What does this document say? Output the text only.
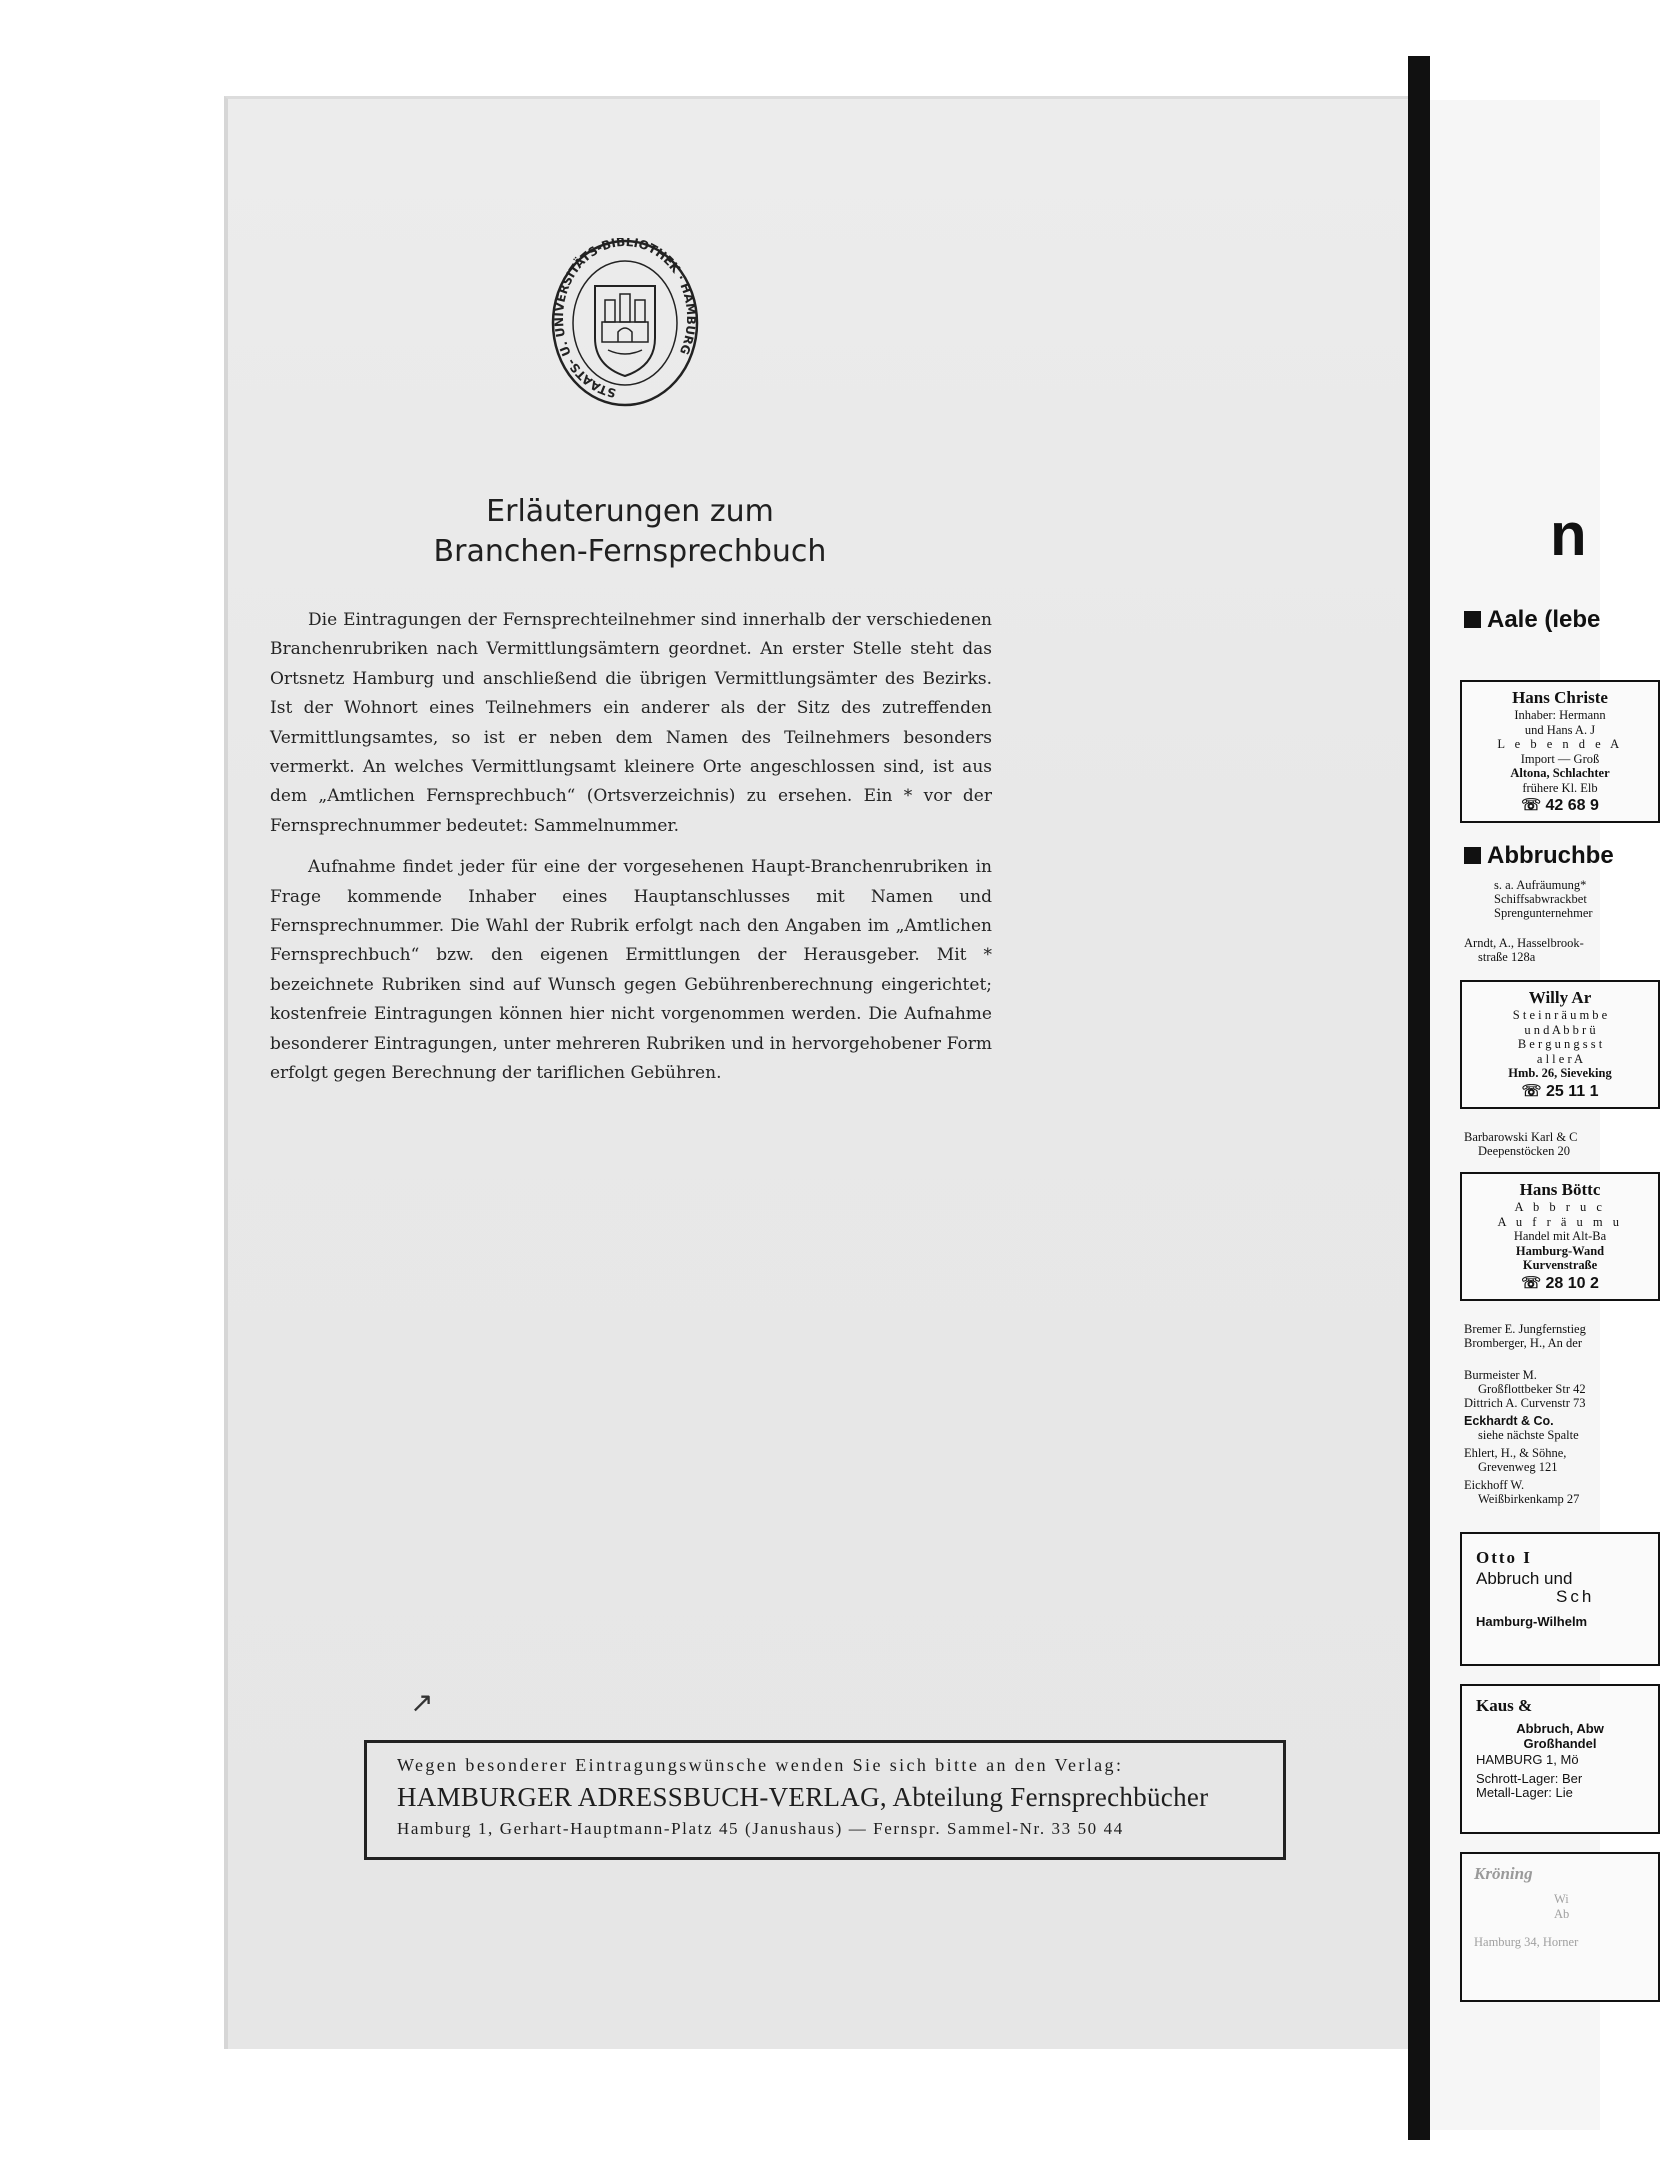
STAATS- U. UNIVERSITÄTS-BIBLIOTHEK · HAMBURG
Erläuterungen zum
Branchen-Fernsprechbuch

Die Eintragungen der Fernsprechteilnehmer sind innerhalb der verschiedenen Branchenrubriken nach Vermittlungsämtern geordnet. An erster Stelle steht das Ortsnetz Hamburg und anschließend die übrigen Vermittlungsämter des Bezirks. Ist der Wohnort eines Teilnehmers ein anderer als der Sitz des zutreffenden Vermittlungsamtes, so ist er neben dem Namen des Teilnehmers besonders vermerkt. An welches Vermittlungsamt kleinere Orte angeschlossen sind, ist aus dem „Amtlichen Fernsprechbuch“ (Ortsverzeichnis) zu ersehen. Ein * vor der Fernsprechnummer bedeutet: Sammelnummer.

Aufnahme findet jeder für eine der vorgesehenen Haupt-Branchenrubriken in Frage kommende Inhaber eines Hauptanschlusses mit Namen und Fernsprechnummer. Die Wahl der Rubrik erfolgt nach den Angaben im „Amtlichen Fernsprechbuch“ bzw. den eigenen Ermittlungen der Herausgeber. Mit * bezeichnete Rubriken sind auf Wunsch gegen Gebührenberechnung eingerichtet; kostenfreie Eintragungen können hier nicht vorgenommen werden. Die Aufnahme besonderer Eintragungen, unter mehreren Rubriken und in hervorgehobener Form erfolgt gegen Berechnung der tariflichen Gebühren.

↗
Wegen besonderer Eintragungswünsche wenden Sie sich bitte an den Verlag:
HAMBURGER ADRESSBUCH-VERLAG, Abteilung Fernsprechbücher
Hamburg 1, Gerhart-Hauptmann-Platz 45 (Janushaus) — Fernspr. Sammel-Nr. 33 50 44
n
Aale (lebe
Hans Christe
Inhaber: Hermann
und Hans A. J
L e b e n d e A
Import — Groß
Altona, Schlachter
frühere Kl. Elb
☏ 42 68 9
Abbruchbe
s. a. Aufräumung*
Schiffsabwrackbet
Sprengunternehmer
Arndt, A., Hasselbrook-
straße 128a
Willy Ar
S t e i n r ä u m b e
u n d A b b r ü
B e r g u n g s s t
a l l e r A
Hmb. 26, Sieveking
☏ 25 11 1
Barbarowski Karl & C
Deepenstöcken 20
Hans Böttc
A b b r u c
A u f r ä u m u
Handel mit Alt-Ba
Hamburg-Wand
Kurvenstraße
☏ 28 10 2
Bremer E. Jungfernstieg
Bromberger, H., An der
Burmeister M.
Großflottbeker Str 42
Dittrich A. Curvenstr 73
Eckhardt & Co.
siehe nächste Spalte
Ehlert, H., & Söhne,
Grevenweg 121
Eickhoff W.
Weißbirkenkamp 27
Otto I
Abbruch und
Sch
Hamburg-Wilhelm
Kaus &
Abbruch, Abw
Großhandel
HAMBURG 1, Mö
Schrott-Lager: Ber
Metall-Lager: Lie
Kröning
Wi
Ab
Hamburg 34, Horner
